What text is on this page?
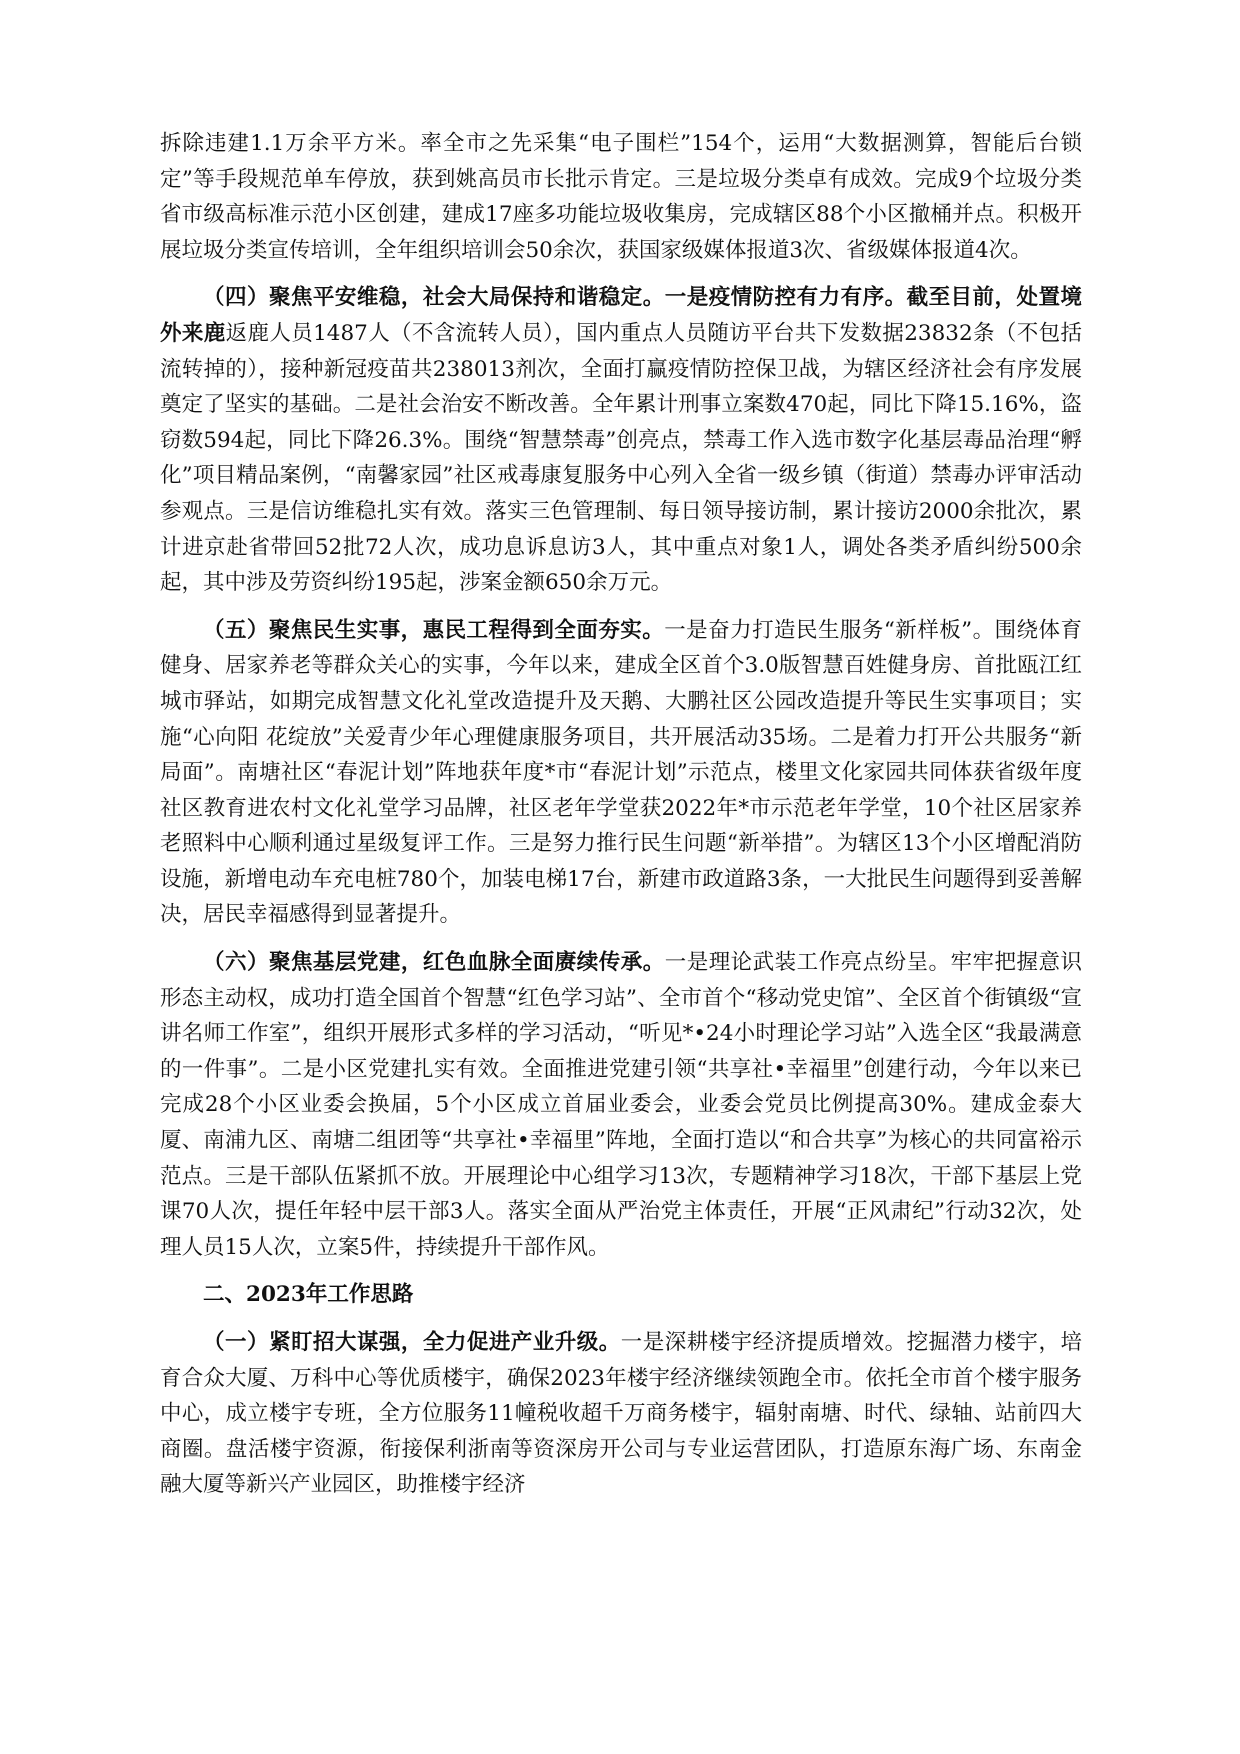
拆除违建1.1万余平方米。率全市之先采集“电子围栏”154个，运用“大数据测算，智能后台锁定”等手段规范单车停放，获到姚高员市长批示肯定。三是垃圾分类卓有成效。完成9个垃圾分类省市级高标准示范小区创建，建成17座多功能垃圾收集房，完成辖区88个小区撤桶并点。积极开展垃圾分类宣传培训，全年组织培训会50余次，获国家级媒体报道3次、省级媒体报道4次。

（四）聚焦平安维稳，社会大局保持和谐稳定。一是疫情防控有力有序。截至目前，处置境外来鹿返鹿人员1487人（不含流转人员），国内重点人员随访平台共下发数据23832条（不包括流转掉的），接种新冠疫苗共238013剂次，全面打赢疫情防控保卫战，为辖区经济社会有序发展奠定了坚实的基础。二是社会治安不断改善。全年累计刑事立案数470起，同比下降15.16%，盗窃数594起，同比下降26.3%。围绕“智慧禁毒”创亮点，禁毒工作入选市数字化基层毒品治理“孵化”项目精品案例，“南馨家园”社区戒毒康复服务中心列入全省一级乡镇（街道）禁毒办评审活动参观点。三是信访维稳扎实有效。落实三色管理制、每日领导接访制，累计接访2000余批次，累计进京赴省带回52批72人次，成功息诉息访3人，其中重点对象1人，调处各类矛盾纠纷500余起，其中涉及劳资纠纷195起，涉案金额650余万元。

（五）聚焦民生实事，惠民工程得到全面夯实。一是奋力打造民生服务“新样板”。围绕体育健身、居家养老等群众关心的实事，今年以来，建成全区首个3.0版智慧百姓健身房、首批瓯江红城市驿站，如期完成智慧文化礼堂改造提升及天鹅、大鹏社区公园改造提升等民生实事项目；实施“心向阳 花绽放”关爱青少年心理健康服务项目，共开展活动35场。二是着力打开公共服务“新局面”。南塘社区“春泥计划”阵地获年度*市“春泥计划”示范点，楼里文化家园共同体获省级年度社区教育进农村文化礼堂学习品牌，社区老年学堂获2022年*市示范老年学堂，10个社区居家养老照料中心顺利通过星级复评工作。三是努力推行民生问题“新举措”。为辖区13个小区增配消防设施，新增电动车充电桩780个，加装电梯17台，新建市政道路3条，一大批民生问题得到妥善解决，居民幸福感得到显著提升。

（六）聚焦基层党建，红色血脉全面赓续传承。一是理论武装工作亮点纷呈。牢牢把握意识形态主动权，成功打造全国首个智慧“红色学习站”、全市首个“移动党史馆”、全区首个街镇级“宣讲名师工作室”，组织开展形式多样的学习活动，“听见*•24小时理论学习站”入选全区“我最满意的一件事”。二是小区党建扎实有效。全面推进党建引领“共享社•幸福里”创建行动，今年以来已完成28个小区业委会换届，5个小区成立首届业委会，业委会党员比例提高30%。建成金泰大厦、南浦九区、南塘二组团等“共享社•幸福里”阵地，全面打造以“和合共享”为核心的共同富裕示范点。三是干部队伍紧抓不放。开展理论中心组学习13次，专题精神学习18次，干部下基层上党课70人次，提任年轻中层干部3人。落实全面从严治党主体责任，开展“正风肃纪”行动32次，处理人员15人次，立案5件，持续提升干部作风。

二、2023年工作思路

（一）紧盯招大谋强，全力促进产业升级。一是深耕楼宇经济提质增效。挖掘潜力楼宇，培育合众大厦、万科中心等优质楼宇，确保2023年楼宇经济继续领跑全市。依托全市首个楼宇服务中心，成立楼宇专班，全方位服务11幢税收超千万商务楼宇，辐射南塘、时代、绿轴、站前四大商圈。盘活楼宇资源，衔接保利浙南等资深房开公司与专业运营团队，打造原东海广场、东南金融大厦等新兴产业园区，助推楼宇经济
